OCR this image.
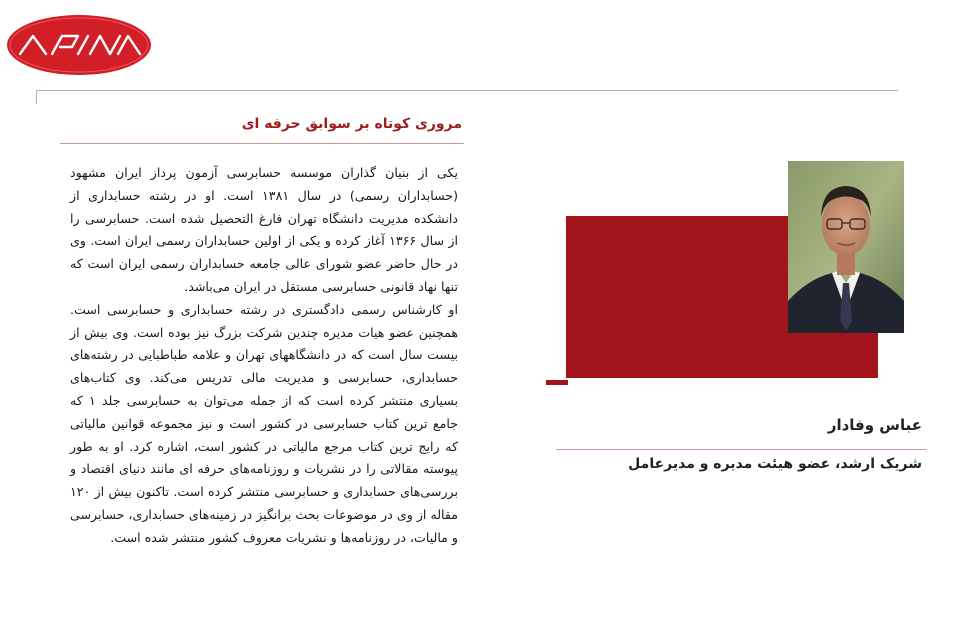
مروری کوتاه بر سوابق حرفه ای

یکی از بنیان گذاران موسسه حسابرسی آزمون پرداز ایران مشهود (حسابداران رسمی) در سال ۱۳۸۱ است. او در رشته حسابداری از دانشکده مدیریت دانشگاه تهران فارغ التحصیل شده است. حسابرسی را از سال ۱۳۶۶ آغاز کرده و یکی از اولین حسابداران رسمی ایران است. وی در حال حاضر عضو شورای عالی جامعه حسابداران رسمی ایران است که تنها نهاد قانونی حسابرسی مستقل در ایران می‌باشد.

او کارشناس رسمی دادگستری در رشته حسابداری و حسابرسی است. همچنین عضو هیات مدیره چندین شرکت بزرگ نیز بوده است. وی بیش از بیست سال است که در دانشگاههای تهران و علامه طباطبایی در رشته‌های حسابداری، حسابرسی و مدیریت مالی تدریس می‌کند. وی کتاب‌های بسیاری منتشر کرده است که از جمله می‌توان به حسابرسی جلد ۱ که جامع ترین کتاب حسابرسی در کشور است و نیز مجموعه قوانین مالیاتی که رایج ترین کتاب مرجع مالیاتی در کشور است، اشاره کرد. او به طور پیوسته مقالاتی را در نشریات و روزنامه‌های حرفه ای مانند دنیای اقتصاد و بررسی‌های حسابداری و حسابرسی منتشر کرده است. تاکنون بیش از ۱۲۰ مقاله از وی در موضوعات بحث برانگیز در زمینه‌های حسابداری، حسابرسی و مالیات، در روزنامه‌ها و نشریات معروف کشور منتشر شده است.

عباس وفادار
شریک ارشد، عضو هیئت مدیره و مدیرعامل
